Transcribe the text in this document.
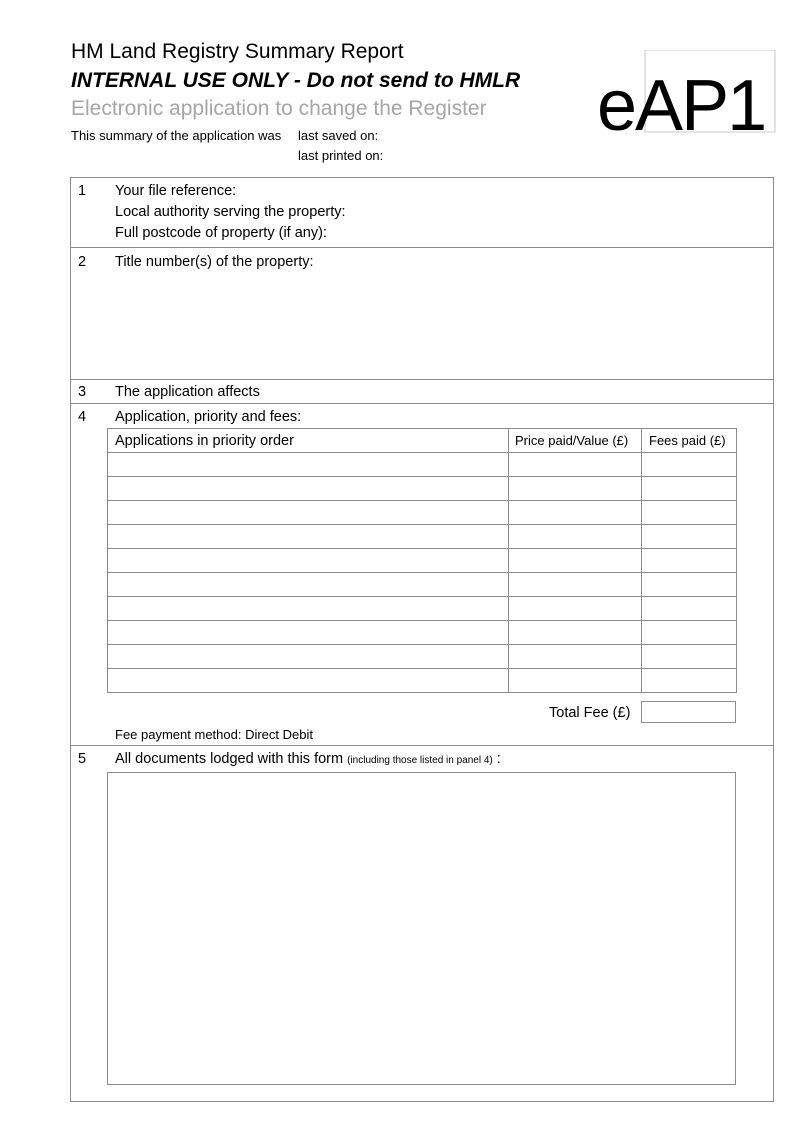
HM Land Registry Summary Report
INTERNAL USE ONLY - Do not send to HMLR
Electronic application to change the Register
This summary of the application was last saved on:
last printed on:
eAP1
1 Your file reference:
Local authority serving the property:
Full postcode of property (if any):
2 Title number(s) of the property:
3 The application affects
4 Application, priority and fees:
Applications in priority order	Price paid/Value (£)	Fees paid (£)

Total Fee (£)
Fee payment method: Direct Debit
5 All documents lodged with this form (including those listed in panel 4) :
